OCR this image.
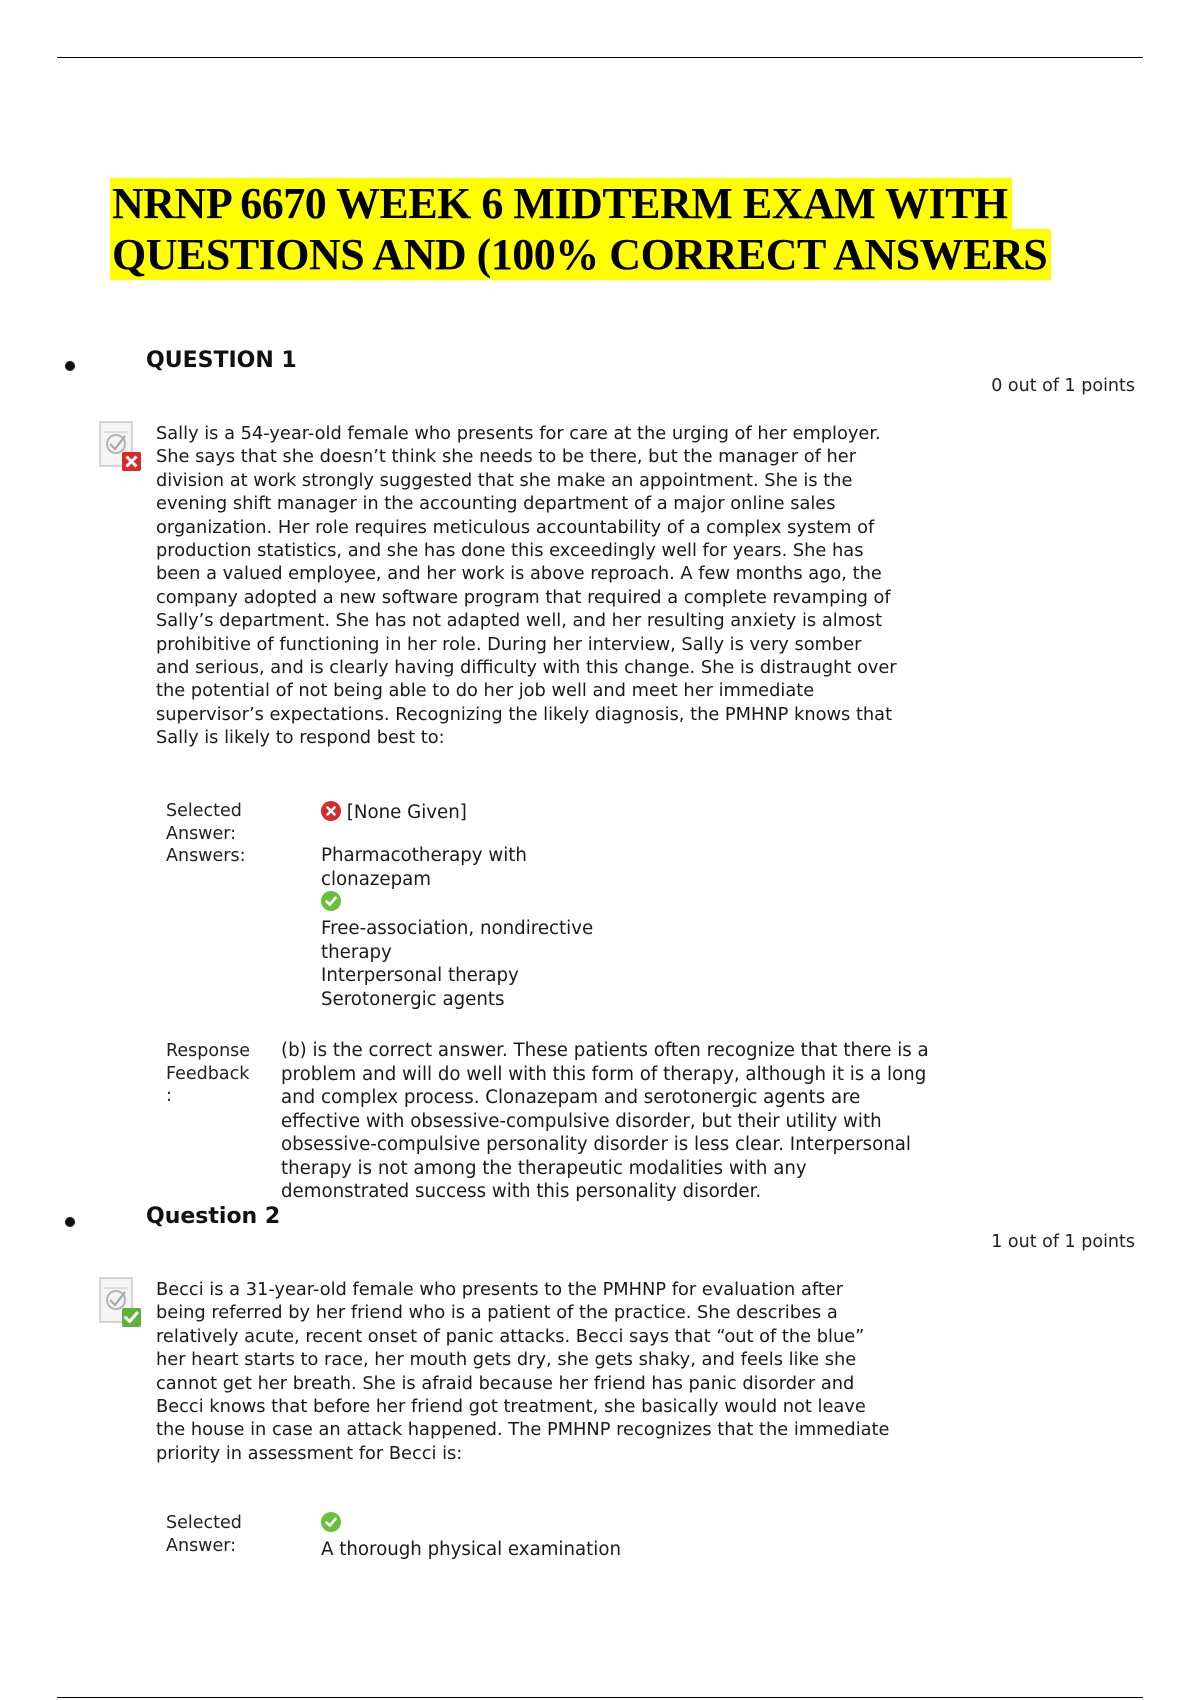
NRNP 6670 WEEK 6 MIDTERM EXAM WITH
QUESTIONS AND (100% CORRECT ANSWERS
QUESTION 1
0 out of 1 points
Sally is a 54-year-old female who presents for care at the urging of her employer.
She says that she doesn’t think she needs to be there, but the manager of her
division at work strongly suggested that she make an appointment. She is the
evening shift manager in the accounting department of a major online sales
organization. Her role requires meticulous accountability of a complex system of
production statistics, and she has done this exceedingly well for years. She has
been a valued employee, and her work is above reproach. A few months ago, the
company adopted a new software program that required a complete revamping of
Sally’s department. She has not adapted well, and her resulting anxiety is almost
prohibitive of functioning in her role. During her interview, Sally is very somber
and serious, and is clearly having difficulty with this change. She is distraught over
the potential of not being able to do her job well and meet her immediate
supervisor’s expectations. Recognizing the likely diagnosis, the PMHNP knows that
Sally is likely to respond best to:
Selected
Answer:
[None Given]
Answers:	Pharmacotherapy with
clonazepam
Free-association, nondirective
therapy
Interpersonal therapy
Serotonergic agents
Response
Feedback
:
(b) is the correct answer. These patients often recognize that there is a
problem and will do well with this form of therapy, although it is a long
and complex process. Clonazepam and serotonergic agents are
effective with obsessive-compulsive disorder, but their utility with
obsessive-compulsive personality disorder is less clear. Interpersonal
therapy is not among the therapeutic modalities with any
demonstrated success with this personality disorder.
Question 2
1 out of 1 points
Becci is a 31-year-old female who presents to the PMHNP for evaluation after
being referred by her friend who is a patient of the practice. She describes a
relatively acute, recent onset of panic attacks. Becci says that “out of the blue”
her heart starts to race, her mouth gets dry, she gets shaky, and feels like she
cannot get her breath. She is afraid because her friend has panic disorder and
Becci knows that before her friend got treatment, she basically would not leave
the house in case an attack happened. The PMHNP recognizes that the immediate
priority in assessment for Becci is:
Selected
Answer:	A thorough physical examination
